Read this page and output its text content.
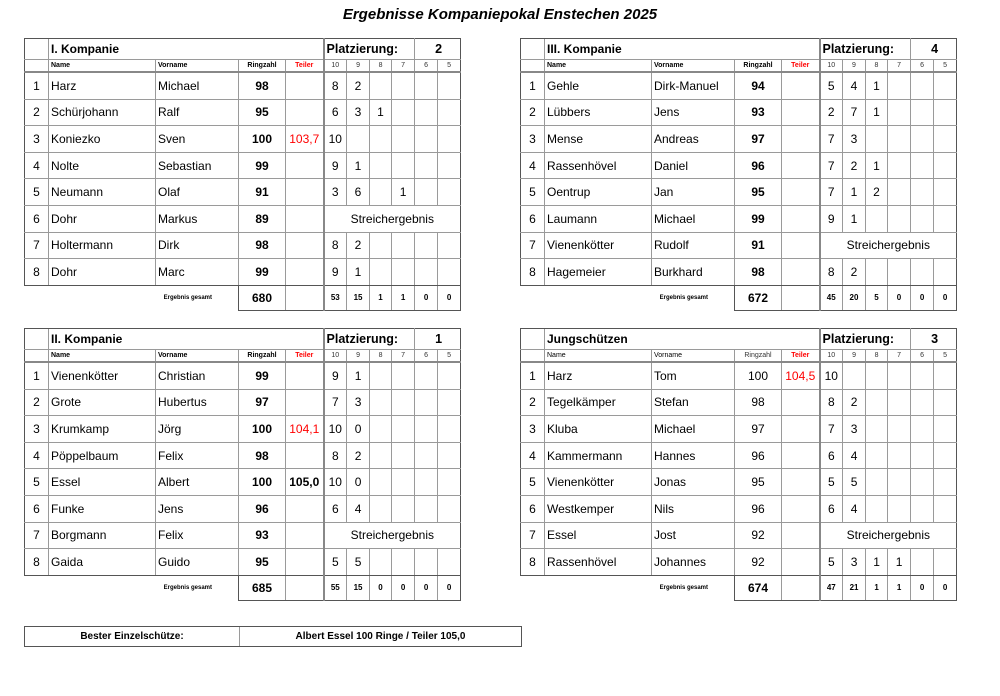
Ergebnisse Kompaniepokal Enstechen 2025
	I. Kompanie				Platzierung:				2	
	Name	Vorname	Ringzahl	Teiler	10	9	8	7	6	5
1	Harz	Michael	98		8	2				
2	Schürjohann	Ralf	95		6	3	1			
3	Koniezko	Sven	100	103,7	10					
4	Nolte	Sebastian	99		9	1				
5	Neumann	Olaf	91		3	6		1		
6	Dohr	Markus	89		Streichergebnis					
7	Holtermann	Dirk	98		8	2				
8	Dohr	Marc	99		9	1				
Ergebnis gesamt			680		53	15	1	1	0	0
	III. Kompanie				Platzierung:				4	
	Name	Vorname	Ringzahl	Teiler	10	9	8	7	6	5
1	Gehle	Dirk-Manuel	94		5	4	1			
2	Lübbers	Jens	93		2	7	1			
3	Mense	Andreas	97		7	3				
4	Rassenhövel	Daniel	96		7	2	1			
5	Oentrup	Jan	95		7	1	2			
6	Laumann	Michael	99		9	1				
7	Vienenkötter	Rudolf	91		Streichergebnis					
8	Hagemeier	Burkhard	98		8	2				
Ergebnis gesamt			672		45	20	5	0	0	0
	II. Kompanie				Platzierung:				1	
	Name	Vorname	Ringzahl	Teiler	10	9	8	7	6	5
1	Vienenkötter	Christian	99		9	1				
2	Grote	Hubertus	97		7	3				
3	Krumkamp	Jörg	100	104,1	10	0				
4	Pöppelbaum	Felix	98		8	2				
5	Essel	Albert	100	105,0	10	0				
6	Funke	Jens	96		6	4				
7	Borgmann	Felix	93		Streichergebnis					
8	Gaida	Guido	95		5	5				
Ergebnis gesamt			685		55	15	0	0	0	0
	Jungschützen				Platzierung:				3	
	Name	Vorname	Ringzahl	Teiler	10	9	8	7	6	5
1	Harz	Tom	100	104,5	10					
2	Tegelkämper	Stefan	98		8	2				
3	Kluba	Michael	97		7	3				
4	Kammermann	Hannes	96		6	4				
5	Vienenkötter	Jonas	95		5	5				
6	Westkemper	Nils	96		6	4				
7	Essel	Jost	92		Streichergebnis					
8	Rassenhövel	Johannes	92		5	3	1	1		
Ergebnis gesamt			674		47	21	1	1	0	0
Bester Einzelschütze:	Albert Essel 100 Ringe / Teiler 105,0
